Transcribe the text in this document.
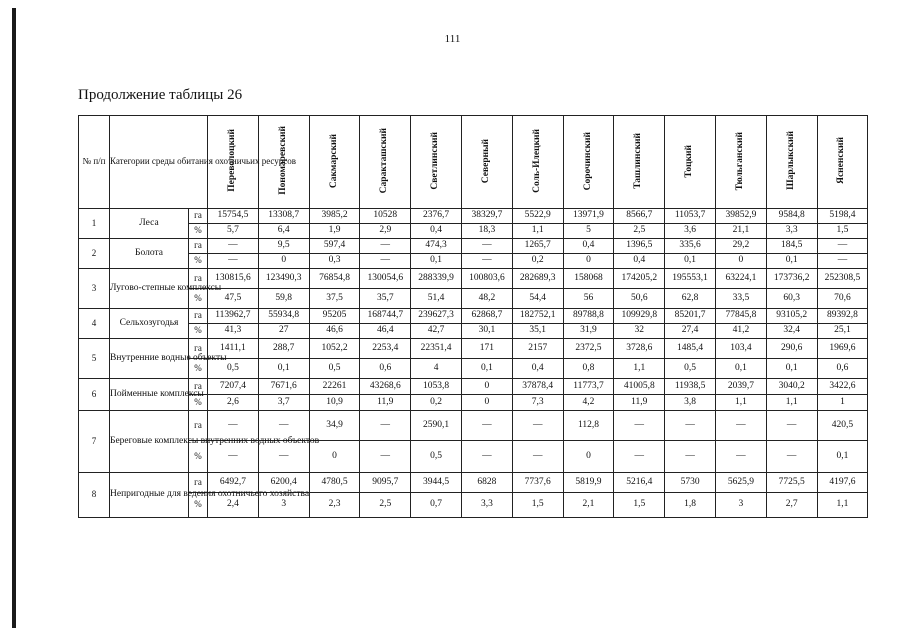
111
Продолжение таблицы 26
№ п/п	Категории среды обитания охотничьих ресурсов		Переволоцкий	Пономаревский	Сакмарский	Саракташский	Светлинский	Северный	Соль-Илецкий	Сорочинский	Ташлинский	Тоцкий	Тюльганский	Шарлыкский	Ясненский
1	Леса	га	15754,5	13308,7	3985,2	10528	2376,7	38329,7	5522,9	13971,9	8566,7	11053,7	39852,9	9584,8	5198,4
		%	5,7	6,4	1,9	2,9	0,4	18,3	1,1	5	2,5	3,6	21,1	3,3	1,5
2	Болота	га	—	9,5	597,4	—	474,3	—	1265,7	0,4	1396,5	335,6	29,2	184,5	—
		%	—	0	0,3	—	0,1	—	0,2	0	0,4	0,1	0	0,1	—
3	Лугово-степные комплексы	га	130815,6	123490,3	76854,8	130054,6	288339,9	100803,6	282689,3	158068	174205,2	195553,1	63224,1	173736,2	252308,5
		%	47,5	59,8	37,5	35,7	51,4	48,2	54,4	56	50,6	62,8	33,5	60,3	70,6
4	Сельхозугодья	га	113962,7	55934,8	95205	168744,7	239627,3	62868,7	182752,1	89788,8	109929,8	85201,7	77845,8	93105,2	89392,8
		%	41,3	27	46,6	46,4	42,7	30,1	35,1	31,9	32	27,4	41,2	32,4	25,1
5	Внутренние водные объекты	га	1411,1	288,7	1052,2	2253,4	22351,4	171	2157	2372,5	3728,6	1485,4	103,4	290,6	1969,6
		%	0,5	0,1	0,5	0,6	4	0,1	0,4	0,8	1,1	0,5	0,1	0,1	0,6
6	Пойменные комплексы	га	7207,4	7671,6	22261	43268,6	1053,8	0	37878,4	11773,7	41005,8	11938,5	2039,7	3040,2	3422,6
		%	2,6	3,7	10,9	11,9	0,2	0	7,3	4,2	11,9	3,8	1,1	1,1	1
7	Береговые комплексы внутренних водных объектов	га	—	—	34,9	—	2590,1	—	—	112,8	—	—	—	—	420,5
		%	—	—	0	—	0,5	—	—	0	—	—	—	—	0,1
8	Непригодные для ведения охотничьего хозяйства	га	6492,7	6200,4	4780,5	9095,7	3944,5	6828	7737,6	5819,9	5216,4	5730	5625,9	7725,5	4197,6
		%	2,4	3	2,3	2,5	0,7	3,3	1,5	2,1	1,5	1,8	3	2,7	1,1
